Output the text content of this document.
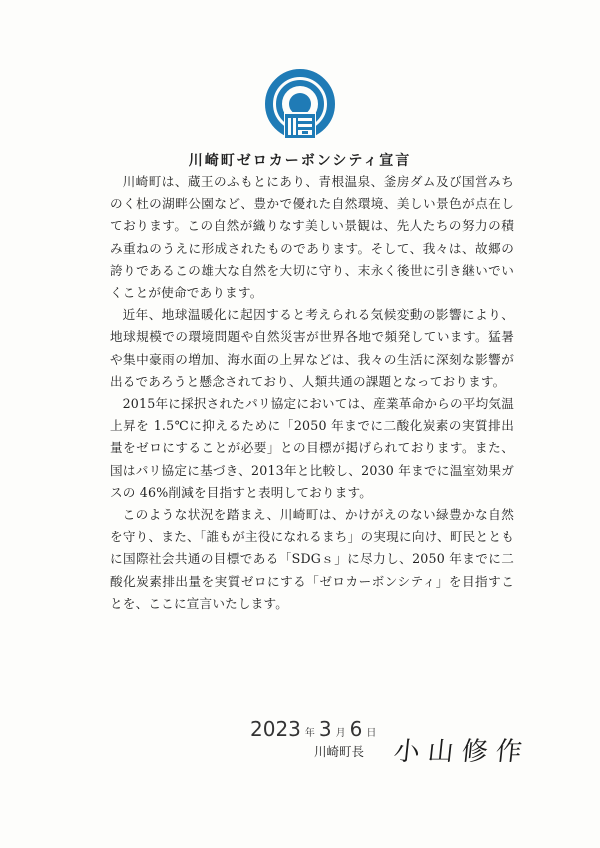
川崎町ゼロカーボンシティ宣言

川崎町は、蔵王のふもとにあり、青根温泉、釜房ダム及び国営みちのく杜の湖畔公園など、豊かで優れた自然環境、美しい景色が点在しております。この自然が織りなす美しい景観は、先人たちの努力の積み重ねのうえに形成されたものであります。そして、我々は、故郷の誇りであるこの雄大な自然を大切に守り、末永く後世に引き継いでいくことが使命であります。

近年、地球温暖化に起因すると考えられる気候変動の影響により、地球規模での環境問題や自然災害が世界各地で頻発しています。猛暑や集中豪雨の増加、海水面の上昇などは、我々の生活に深刻な影響が出るであろうと懸念されており、人類共通の課題となっております。

2015年に採択されたパリ協定においては、産業革命からの平均気温上昇を 1.5℃に抑えるために「2050 年までに二酸化炭素の実質排出量をゼロにすることが必要」との目標が掲げられております。また、国はパリ協定に基づき、2013年と比較し、2030 年までに温室効果ガスの 46%削減を目指すと表明しております。

このような状況を踏まえ、川崎町は、かけがえのない緑豊かな自然を守り、また、「誰もが主役になれるまち」の実現に向け、町民とともに国際社会共通の目標である「SDGｓ」に尽力し、2050 年までに二酸化炭素排出量を実質ゼロにする「ゼロカーボンシティ」を目指すことを、ここに宣言いたします。

2023 年 3 月 6 日
川崎町長 小山修作
